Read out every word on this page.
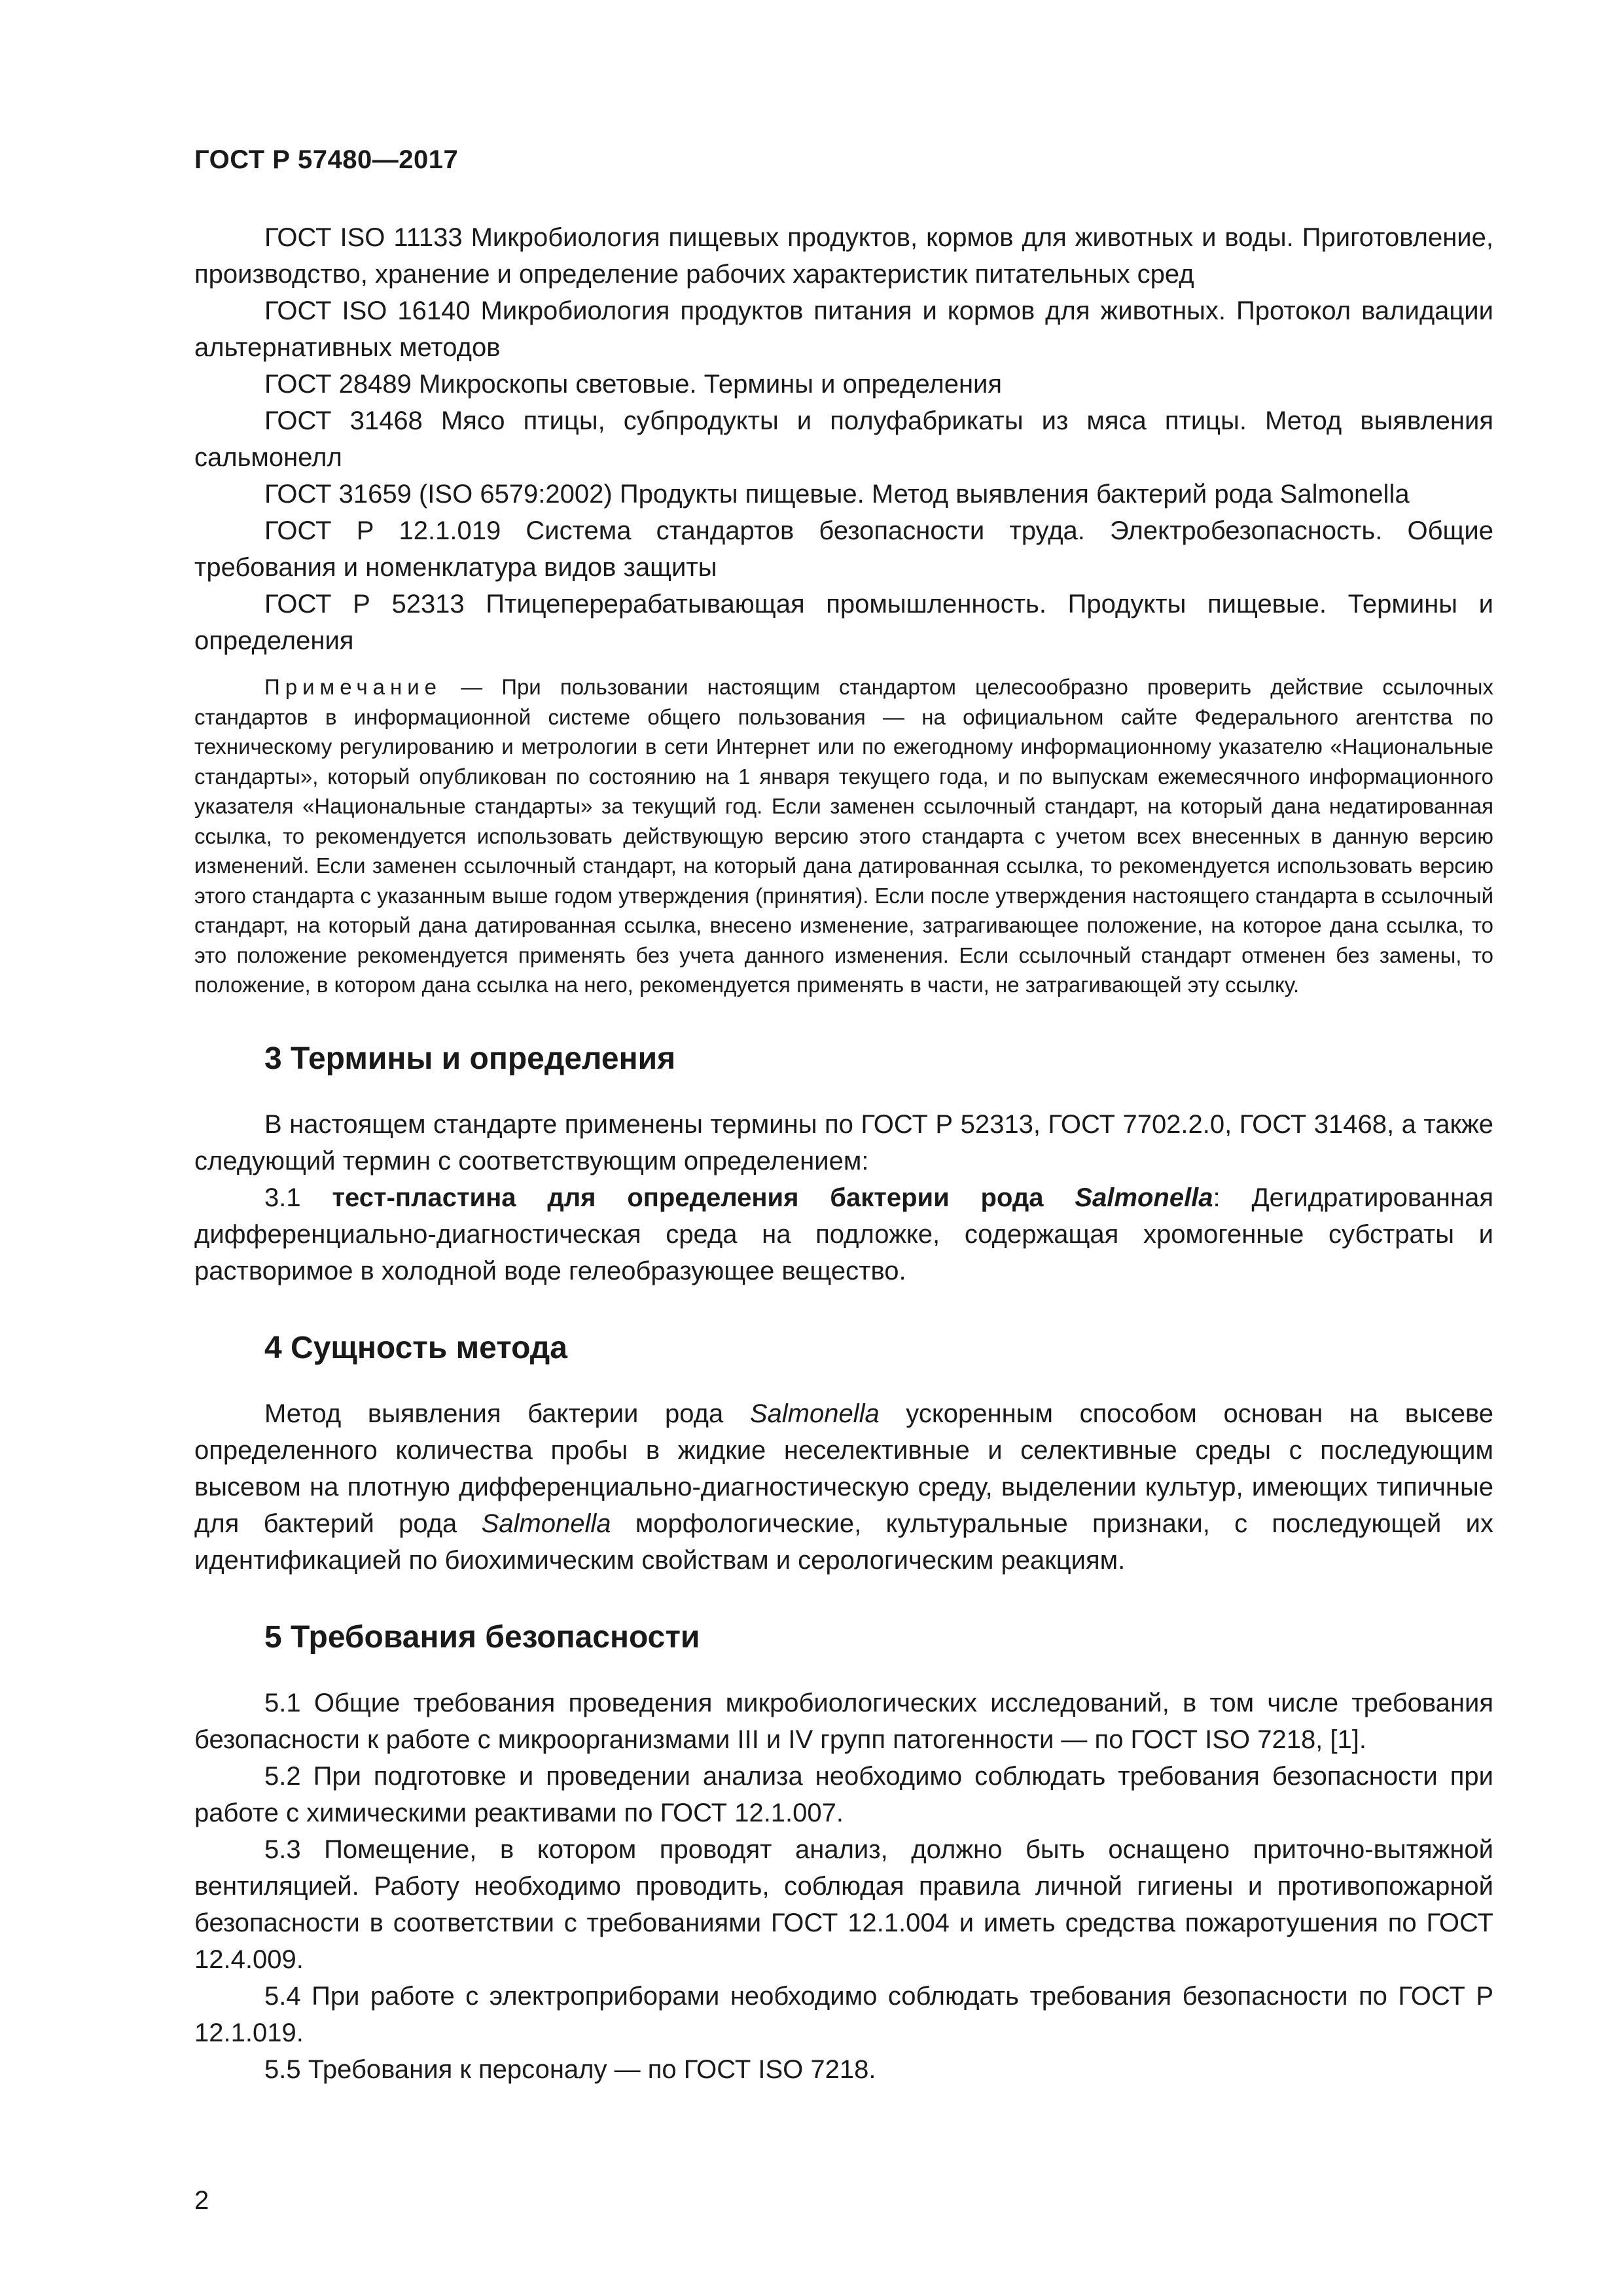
ГОСТ Р 57480—2017

ГОСТ ISO 11133 Микробиология пищевых продуктов, кормов для животных и воды. Приготовление, производство, хранение и определение рабочих характеристик питательных сред

ГОСТ ISO 16140 Микробиология продуктов питания и кормов для животных. Протокол валидации альтернативных методов

ГОСТ 28489 Микроскопы световые. Термины и определения

ГОСТ 31468 Мясо птицы, субпродукты и полуфабрикаты из мяса птицы. Метод выявления сальмонелл

ГОСТ 31659 (ISO 6579:2002) Продукты пищевые. Метод выявления бактерий рода Salmonella

ГОСТ Р 12.1.019 Система стандартов безопасности труда. Электробезопасность. Общие требования и номенклатура видов защиты

ГОСТ Р 52313 Птицеперерабатывающая промышленность. Продукты пищевые. Термины и определения

Примечание — При пользовании настоящим стандартом целесообразно проверить действие ссылочных стандартов в информационной системе общего пользования — на официальном сайте Федерального агентства по техническому регулированию и метрологии в сети Интернет или по ежегодному информационному указателю «Национальные стандарты», который опубликован по состоянию на 1 января текущего года, и по выпускам ежемесячного информационного указателя «Национальные стандарты» за текущий год. Если заменен ссылочный стандарт, на который дана недатированная ссылка, то рекомендуется использовать действующую версию этого стандарта с учетом всех внесенных в данную версию изменений. Если заменен ссылочный стандарт, на который дана датированная ссылка, то рекомендуется использовать версию этого стандарта с указанным выше годом утверждения (принятия). Если после утверждения настоящего стандарта в ссылочный стандарт, на который дана датированная ссылка, внесено изменение, затрагивающее положение, на которое дана ссылка, то это положение рекомендуется применять без учета данного изменения. Если ссылочный стандарт отменен без замены, то положение, в котором дана ссылка на него, рекомендуется применять в части, не затрагивающей эту ссылку.
3 Термины и определения

В настоящем стандарте применены термины по ГОСТ Р 52313, ГОСТ 7702.2.0, ГОСТ 31468, а также следующий термин с соответствующим определением:

3.1 тест-пластина для определения бактерии рода Salmonella: Дегидратированная дифференциально-диагностическая среда на подложке, содержащая хромогенные субстраты и растворимое в холодной воде гелеобразующее вещество.

4 Сущность метода

Метод выявления бактерии рода Salmonella ускоренным способом основан на высеве определенного количества пробы в жидкие неселективные и селективные среды с последующим высевом на плотную дифференциально-диагностическую среду, выделении культур, имеющих типичные для бактерий рода Salmonella морфологические, культуральные признаки, с последующей их идентификацией по биохимическим свойствам и серологическим реакциям.

5 Требования безопасности

5.1 Общие требования проведения микробиологических исследований, в том числе требования безопасности к работе с микроорганизмами III и IV групп патогенности — по ГОСТ ISO 7218, [1].

5.2 При подготовке и проведении анализа необходимо соблюдать требования безопасности при работе с химическими реактивами по ГОСТ 12.1.007.

5.3 Помещение, в котором проводят анализ, должно быть оснащено приточно-вытяжной вентиляцией. Работу необходимо проводить, соблюдая правила личной гигиены и противопожарной безопасности в соответствии с требованиями ГОСТ 12.1.004 и иметь средства пожаротушения по ГОСТ 12.4.009.

5.4 При работе с электроприборами необходимо соблюдать требования безопасности по ГОСТ Р 12.1.019.

5.5 Требования к персоналу — по ГОСТ ISO 7218.

2
